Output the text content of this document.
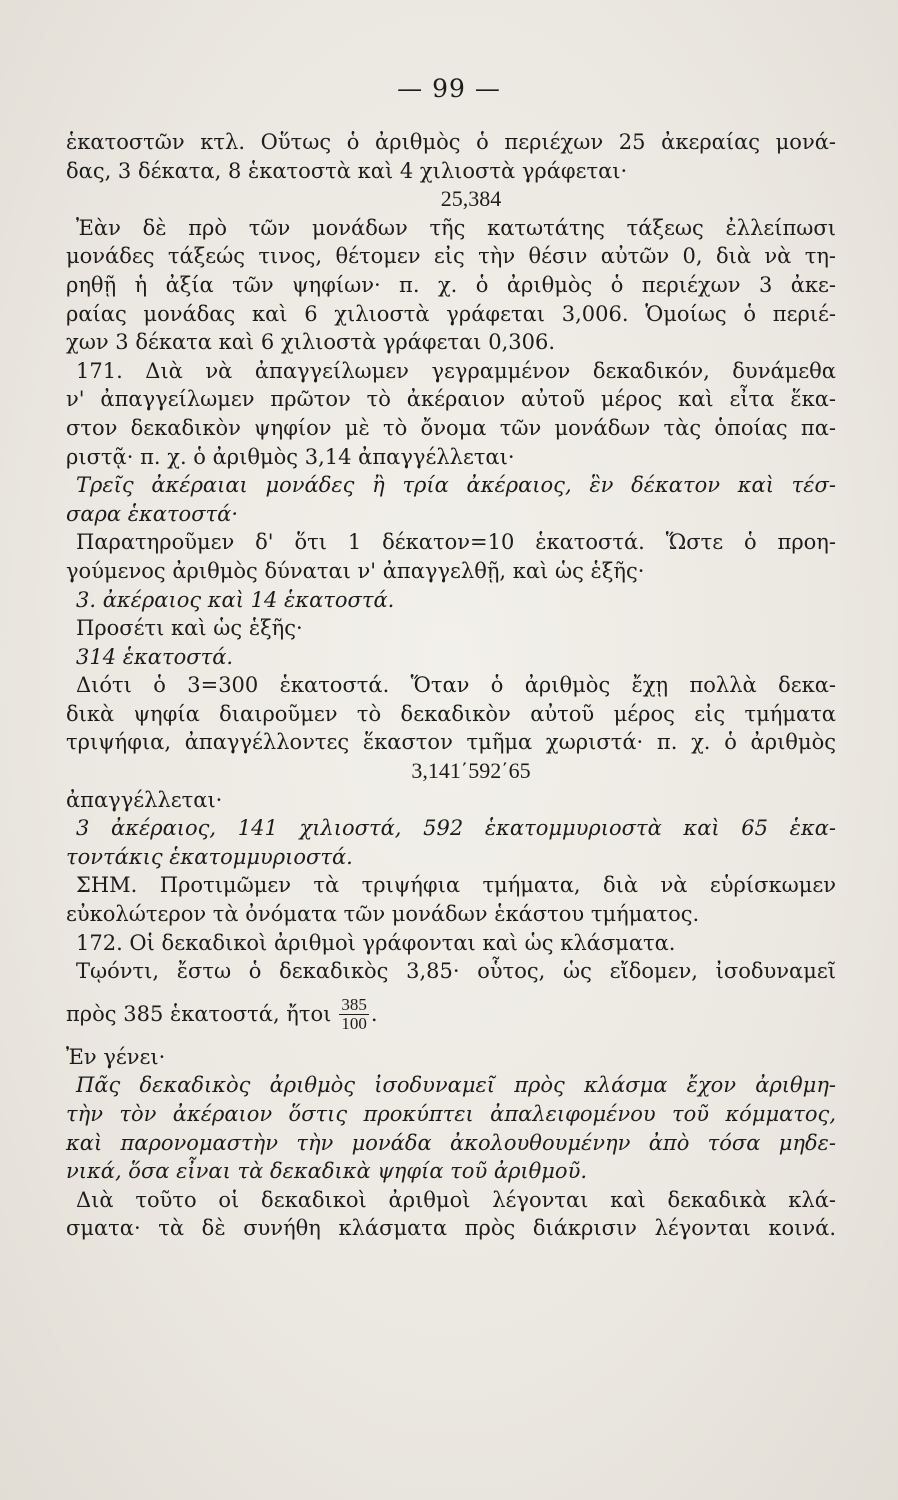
— 99 —

ἑκατοστῶν κτλ. Οὕτως ὁ ἀριθμὸς ὁ περιέχων 25 ἀκεραίας μονά-

δας, 3 δέκατα, 8 ἑκατοστὰ καὶ 4 χιλιοστὰ γράφεται·

25,384

Ἐὰν δὲ πρὸ τῶν μονάδων τῆς κατωτάτης τάξεως ἐλλείπωσι

μονάδες τάξεώς τινος, θέτομεν εἰς τὴν θέσιν αὐτῶν 0, διὰ νὰ τη-

ρηθῇ ἡ ἀξία τῶν ψηφίων· π. χ. ὁ ἀριθμὸς ὁ περιέχων 3 ἀκε-

ραίας μονάδας καὶ 6 χιλιοστὰ γράφεται 3,006. Ὁμοίως ὁ περιέ-

χων 3 δέκατα καὶ 6 χιλιοστὰ γράφεται 0,306.

171. Διὰ νὰ ἀπαγγείλωμεν γεγραμμένον δεκαδικόν, δυνάμεθα

ν' ἀπαγγείλωμεν πρῶτον τὸ ἀκέραιον αὐτοῦ μέρος καὶ εἶτα ἕκα-

στον δεκαδικὸν ψηφίον μὲ τὸ ὄνομα τῶν μονάδων τὰς ὁποίας πα-

ριστᾷ· π. χ. ὁ ἀριθμὸς 3,14 ἀπαγγέλλεται·

Τρεῖς ἀκέραιαι μονάδες ἢ τρία ἀκέραιος, ἓν δέκατον καὶ τέσ-

σαρα ἑκατοστά·

Παρατηροῦμεν δ' ὅτι 1 δέκατον=10 ἑκατοστά. Ὥστε ὁ προη-

γούμενος ἀριθμὸς δύναται ν' ἀπαγγελθῇ, καὶ ὡς ἑξῆς·

3. ἀκέραιος καὶ 14 ἑκατοστά.

Προσέτι καὶ ὡς ἑξῆς·

314 ἑκατοστά.

Διότι ὁ 3=300 ἑκατοστά. Ὅταν ὁ ἀριθμὸς ἔχῃ πολλὰ δεκα-

δικὰ ψηφία διαιροῦμεν τὸ δεκαδικὸν αὐτοῦ μέρος εἰς τμήματα

τριψήφια, ἀπαγγέλλοντες ἕκαστον τμῆμα χωριστά· π. χ. ὁ ἀριθμὸς

3,141΄592΄65

ἀπαγγέλλεται·

3 ἀκέραιος, 141 χιλιοστά, 592 ἑκατομμυριοστὰ καὶ 65 ἑκα-

τοντάκις ἑκατομμυριοστά.

ΣΗΜ. Προτιμῶμεν τὰ τριψήφια τμήματα, διὰ νὰ εὑρίσκωμεν

εὐκολώτερον τὰ ὀνόματα τῶν μονάδων ἑκάστου τμήματος.

172. Οἱ δεκαδικοὶ ἀριθμοὶ γράφονται καὶ ὡς κλάσματα.

Τῳόντι, ἔστω ὁ δεκαδικὸς 3,85· οὗτος, ὡς εἴδομεν, ἰσοδυναμεῖ

πρὸς 385 ἑκατοστά, ἤτοι $\frac{385}{100}$ .

Ἐν γένει·

Πᾶς δεκαδικὸς ἀριθμὸς ἰσοδυναμεῖ πρὸς κλάσμα ἔχον ἀριθμη-

τὴν τὸν ἀκέραιον ὅστις προκύπτει ἀπαλειφομένου τοῦ κόμματος,

καὶ παρονομαστὴν τὴν μονάδα ἀκολουθουμένην ἀπὸ τόσα μηδε-

νικά, ὅσα εἶναι τὰ δεκαδικὰ ψηφία τοῦ ἀριθμοῦ.

Διὰ τοῦτο οἱ δεκαδικοὶ ἀριθμοὶ λέγονται καὶ δεκαδικὰ κλά-

σματα· τὰ δὲ συνήθη κλάσματα πρὸς διάκρισιν λέγονται κοινά.
